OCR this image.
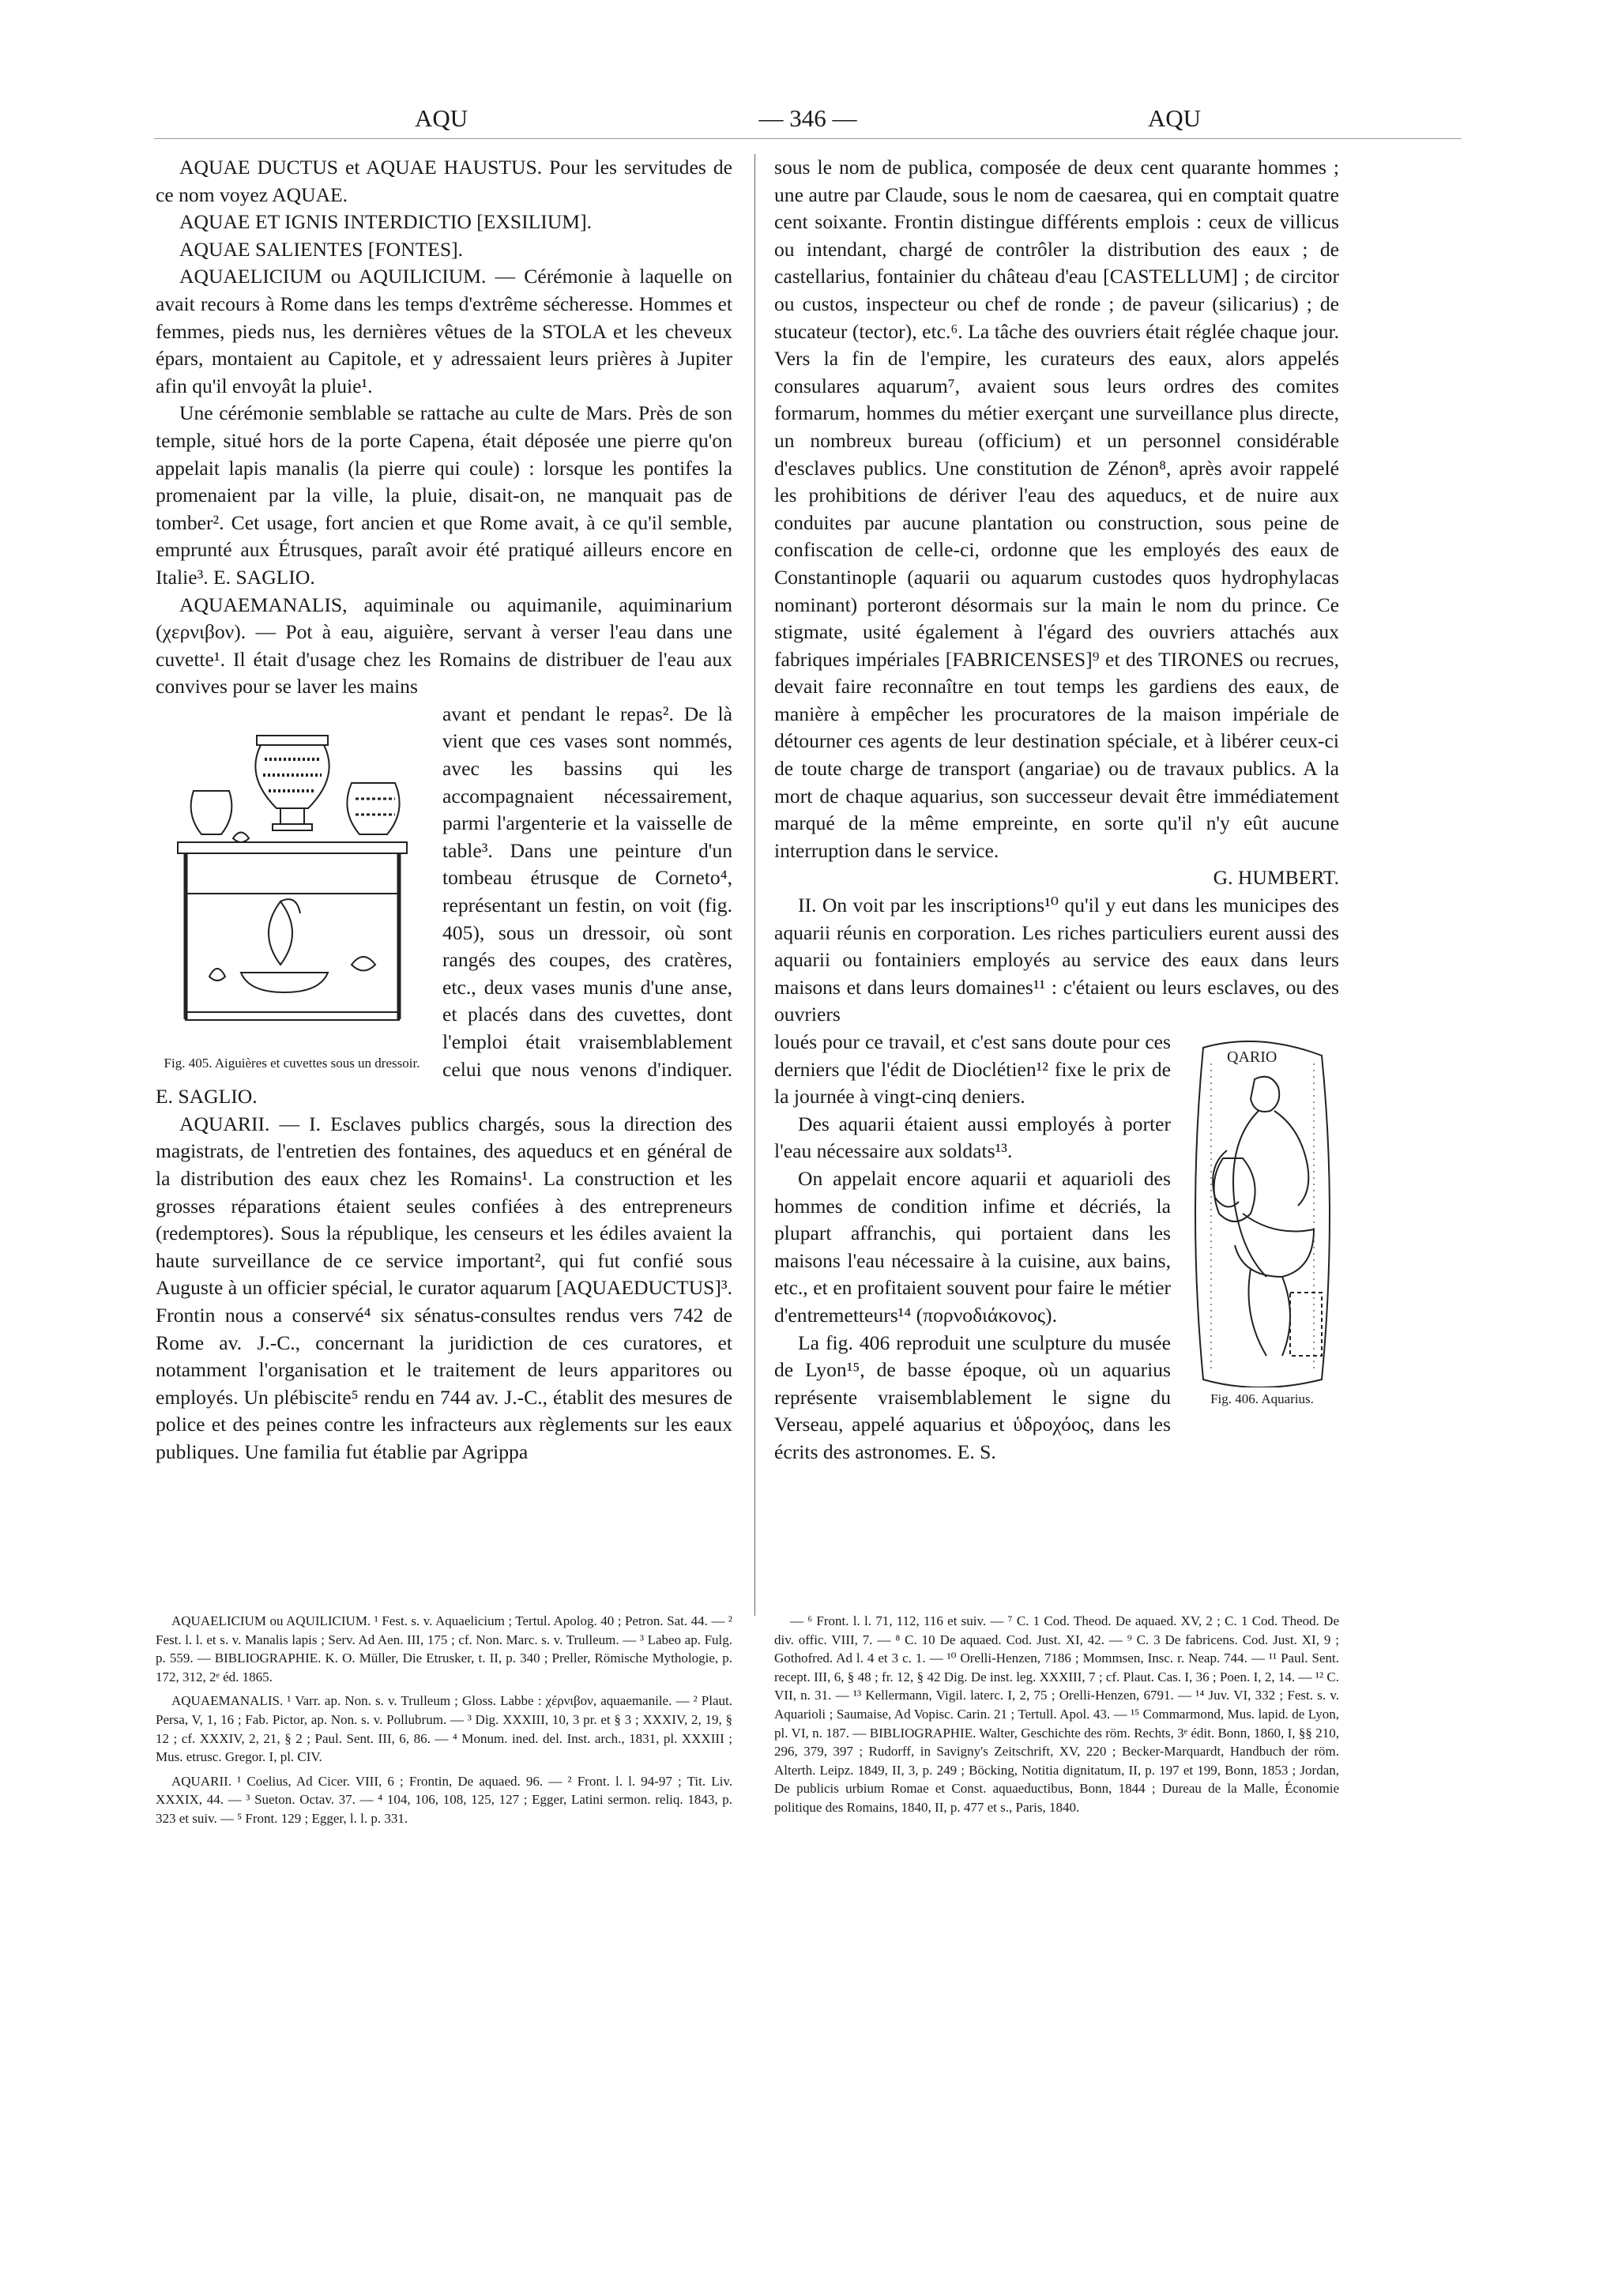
AQU	— 346 —	AQU

AQUAE DUCTUS et AQUAE HAUSTUS. Pour les servitudes de ce nom voyez AQUAE.

AQUAE ET IGNIS INTERDICTIO [EXSILIUM].

AQUAE SALIENTES [FONTES].

AQUAELICIUM ou AQUILICIUM. — Cérémonie à laquelle on avait recours à Rome dans les temps d'extrême sécheresse. Hommes et femmes, pieds nus, les dernières vêtues de la STOLA et les cheveux épars, montaient au Capitole, et y adressaient leurs prières à Jupiter afin qu'il envoyât la pluie¹.

Une cérémonie semblable se rattache au culte de Mars. Près de son temple, situé hors de la porte Capena, était déposée une pierre qu'on appelait lapis manalis (la pierre qui coule) : lorsque les pontifes la promenaient par la ville, la pluie, disait-on, ne manquait pas de tomber². Cet usage, fort ancien et que Rome avait, à ce qu'il semble, emprunté aux Étrusques, paraît avoir été pratiqué ailleurs encore en Italie³. E. SAGLIO.

AQUAEMANALIS, aquiminale ou aquimanile, aquiminarium (χερνιβον). — Pot à eau, aiguière, servant à verser l'eau dans une cuvette¹. Il était d'usage chez les Romains de distribuer de l'eau aux convives pour se laver les mains

Fig. 405. Aiguières et cuvettes sous un dressoir.

avant et pendant le repas². De là vient que ces vases sont nommés, avec les bassins qui les accompagnaient nécessairement, parmi l'argenterie et la vaisselle de table³. Dans une peinture d'un tombeau étrusque de Corneto⁴, représentant un festin, on voit (fig. 405), sous un dressoir, où sont rangés des coupes, des cratères, etc., deux vases munis d'une anse, et placés dans des cuvettes, dont l'emploi était vraisemblablement celui que nous venons d'indiquer. E. SAGLIO.

AQUARII. — I. Esclaves publics chargés, sous la direction des magistrats, de l'entretien des fontaines, des aqueducs et en général de la distribution des eaux chez les Romains¹. La construction et les grosses réparations étaient seules confiées à des entrepreneurs (redemptores). Sous la république, les censeurs et les édiles avaient la haute surveillance de ce service important², qui fut confié sous Auguste à un officier spécial, le curator aquarum [AQUAEDUCTUS]³. Frontin nous a conservé⁴ six sénatus-consultes rendus vers 742 de Rome av. J.-C., concernant la juridiction de ces curatores, et notamment l'organisation et le traitement de leurs apparitores ou employés. Un plébiscite⁵ rendu en 744 av. J.-C., établit des mesures de police et des peines contre les infracteurs aux règlements sur les eaux publiques. Une familia fut établie par Agrippa

sous le nom de publica, composée de deux cent quarante hommes ; une autre par Claude, sous le nom de caesarea, qui en comptait quatre cent soixante. Frontin distingue différents emplois : ceux de villicus ou intendant, chargé de contrôler la distribution des eaux ; de castellarius, fontainier du château d'eau [CASTELLUM] ; de circitor ou custos, inspecteur ou chef de ronde ; de paveur (silicarius) ; de stucateur (tector), etc.⁶. La tâche des ouvriers était réglée chaque jour. Vers la fin de l'empire, les curateurs des eaux, alors appelés consulares aquarum⁷, avaient sous leurs ordres des comites formarum, hommes du métier exerçant une surveillance plus directe, un nombreux bureau (officium) et un personnel considérable d'esclaves publics. Une constitution de Zénon⁸, après avoir rappelé les prohibitions de dériver l'eau des aqueducs, et de nuire aux conduites par aucune plantation ou construction, sous peine de confiscation de celle-ci, ordonne que les employés des eaux de Constantinople (aquarii ou aquarum custodes quos hydrophylacas nominant) porteront désormais sur la main le nom du prince. Ce stigmate, usité également à l'égard des ouvriers attachés aux fabriques impériales [FABRICENSES]⁹ et des TIRONES ou recrues, devait faire reconnaître en tout temps les gardiens des eaux, de manière à empêcher les procuratores de la maison impériale de détourner ces agents de leur destination spéciale, et à libérer ceux-ci de toute charge de transport (angariae) ou de travaux publics. A la mort de chaque aquarius, son successeur devait être immédiatement marqué de la même empreinte, en sorte qu'il n'y eût aucune interruption dans le service.

G. HUMBERT.

II. On voit par les inscriptions¹⁰ qu'il y eut dans les municipes des aquarii réunis en corporation. Les riches particuliers eurent aussi des aquarii ou fontainiers employés au service des eaux dans leurs maisons et dans leurs domaines¹¹ : c'étaient ou leurs esclaves, ou des ouvriers

QARIO
Fig. 406. Aquarius.

loués pour ce travail, et c'est sans doute pour ces derniers que l'édit de Dioclétien¹² fixe le prix de la journée à vingt-cinq deniers.

Des aquarii étaient aussi employés à porter l'eau nécessaire aux soldats¹³.

On appelait encore aquarii et aquarioli des hommes de condition infime et décriés, la plupart affranchis, qui portaient dans les maisons l'eau nécessaire à la cuisine, aux bains, etc., et en profitaient souvent pour faire le métier d'entremetteurs¹⁴ (πορνοδιάκονος).

La fig. 406 reproduit une sculpture du musée de Lyon¹⁵, de basse époque, où un aquarius représente vraisemblablement le signe du Verseau, appelé aquarius et ὑδροχόος, dans les écrits des astronomes. E. S.

AQUAELICIUM ou AQUILICIUM. ¹ Fest. s. v. Aquaelicium ; Tertul. Apolog. 40 ; Petron. Sat. 44. — ² Fest. l. l. et s. v. Manalis lapis ; Serv. Ad Aen. III, 175 ; cf. Non. Marc. s. v. Trulleum. — ³ Labeo ap. Fulg. p. 559. — BIBLIOGRAPHIE. K. O. Müller, Die Etrusker, t. II, p. 340 ; Preller, Römische Mythologie, p. 172, 312, 2ᵉ éd. 1865.

AQUAEMANALIS. ¹ Varr. ap. Non. s. v. Trulleum ; Gloss. Labbe : χέρνιβον, aquaemanile. — ² Plaut. Persa, V, 1, 16 ; Fab. Pictor, ap. Non. s. v. Pollubrum. — ³ Dig. XXXIII, 10, 3 pr. et § 3 ; XXXIV, 2, 19, § 12 ; cf. XXXIV, 2, 21, § 2 ; Paul. Sent. III, 6, 86. — ⁴ Monum. ined. del. Inst. arch., 1831, pl. XXXIII ; Mus. etrusc. Gregor. I, pl. CIV.

AQUARII. ¹ Coelius, Ad Cicer. VIII, 6 ; Frontin, De aquaed. 96. — ² Front. l. l. 94-97 ; Tit. Liv. XXXIX, 44. — ³ Sueton. Octav. 37. — ⁴ 104, 106, 108, 125, 127 ; Egger, Latini sermon. reliq. 1843, p. 323 et suiv. — ⁵ Front. 129 ; Egger, l. l. p. 331.

— ⁶ Front. l. l. 71, 112, 116 et suiv. — ⁷ C. 1 Cod. Theod. De aquaed. XV, 2 ; C. 1 Cod. Theod. De div. offic. VIII, 7. — ⁸ C. 10 De aquaed. Cod. Just. XI, 42. — ⁹ C. 3 De fabricens. Cod. Just. XI, 9 ; Gothofred. Ad l. 4 et 3 c. 1. — ¹⁰ Orelli-Henzen, 7186 ; Mommsen, Insc. r. Neap. 744. — ¹¹ Paul. Sent. recept. III, 6, § 48 ; fr. 12, § 42 Dig. De inst. leg. XXXIII, 7 ; cf. Plaut. Cas. I, 36 ; Poen. I, 2, 14. — ¹² C. VII, n. 31. — ¹³ Kellermann, Vigil. laterc. I, 2, 75 ; Orelli-Henzen, 6791. — ¹⁴ Juv. VI, 332 ; Fest. s. v. Aquarioli ; Saumaise, Ad Vopisc. Carin. 21 ; Tertull. Apol. 43. — ¹⁵ Commarmond, Mus. lapid. de Lyon, pl. VI, n. 187. — BIBLIOGRAPHIE. Walter, Geschichte des röm. Rechts, 3ᵉ édit. Bonn, 1860, I, §§ 210, 296, 379, 397 ; Rudorff, in Savigny's Zeitschrift, XV, 220 ; Becker-Marquardt, Handbuch der röm. Alterth. Leipz. 1849, II, 3, p. 249 ; Böcking, Notitia dignitatum, II, p. 197 et 199, Bonn, 1853 ; Jordan, De publicis urbium Romae et Const. aquaeductibus, Bonn, 1844 ; Dureau de la Malle, Économie politique des Romains, 1840, II, p. 477 et s., Paris, 1840.
